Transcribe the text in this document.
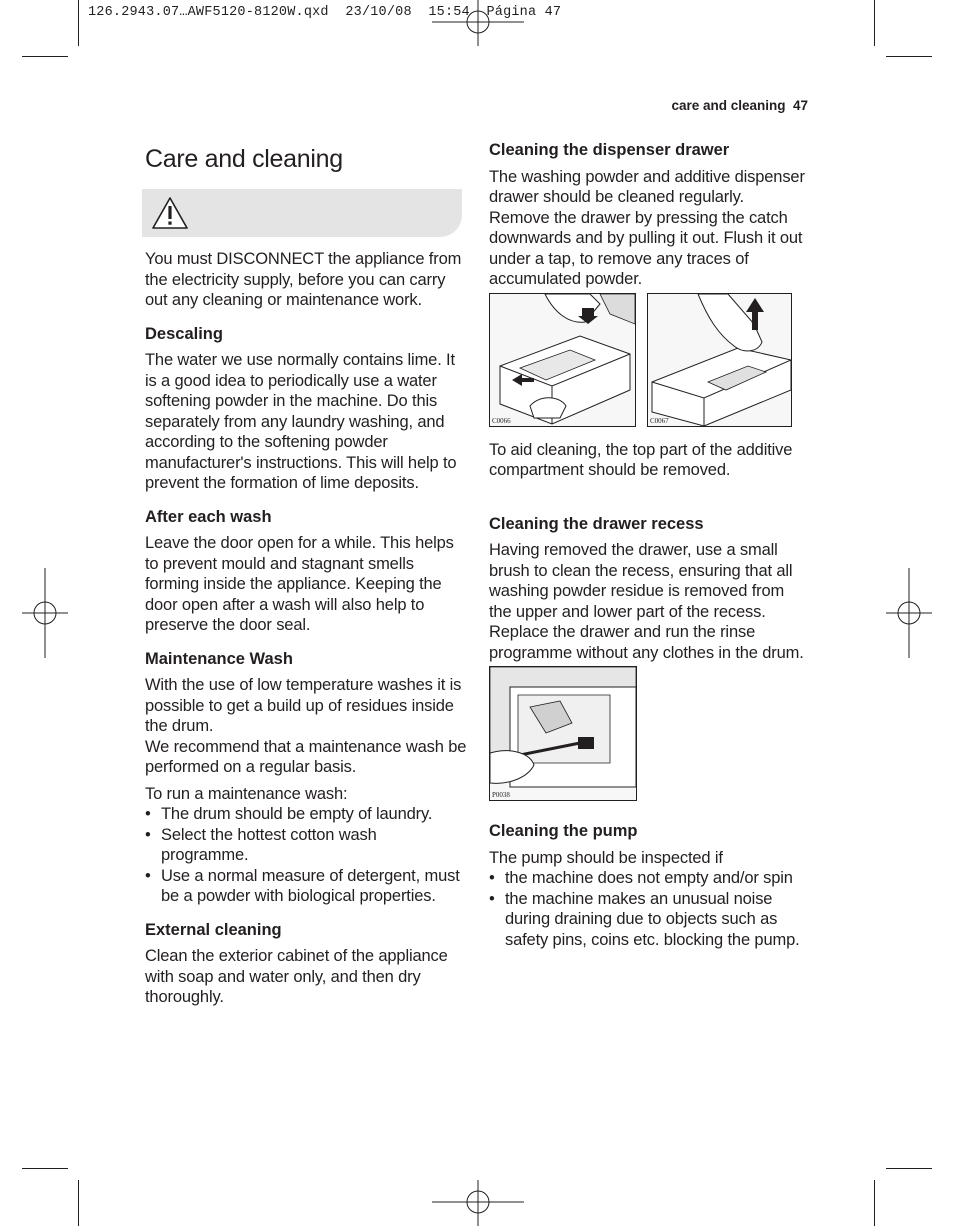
126.2943.07…AWF5120-8120W.qxd  23/10/08  15:54  Página 47
care and cleaning  47
Care and cleaning

You must DISCONNECT the appliance from the electricity supply, before you can carry out any cleaning or maintenance work.

Descaling

The water we use normally contains lime. It is a good idea to periodically use a water softening powder in the machine. Do this separately from any laundry washing, and according to the softening powder manufacturer's instructions. This will help to prevent the formation of lime deposits.

After each wash

Leave the door open for a while. This helps to prevent mould and stagnant smells forming inside the appliance. Keeping the door open after a wash will also help to preserve the door seal.

Maintenance Wash

With the use of low temperature washes it is possible to get a build up of residues inside the drum.

We recommend that a maintenance wash be performed on a regular basis.

To run a maintenance wash:

• The drum should be empty of laundry.
• Select the hottest cotton wash programme.
• Use a normal measure of detergent, must be a powder with biological properties.
External cleaning

Clean the exterior cabinet of the appliance with soap and water only, and then dry thoroughly.

Cleaning the dispenser drawer

The washing powder and additive dispenser drawer should be cleaned regularly.

Remove the drawer by pressing the catch downwards and by pulling it out. Flush it out under a tap, to remove any traces of accumulated powder.

C0066	C0067

To aid cleaning, the top part of the additive compartment should be removed.

Cleaning the drawer recess

Having removed the drawer, use a small brush to clean the recess, ensuring that all washing powder residue is removed from the upper and lower part of the recess.

Replace the drawer and run the rinse programme without any clothes in the drum.

P0038
Cleaning the pump

The pump should be inspected if

• the machine does not empty and/or spin
• the machine makes an unusual noise during draining due to objects such as safety pins, coins etc. blocking the pump.
